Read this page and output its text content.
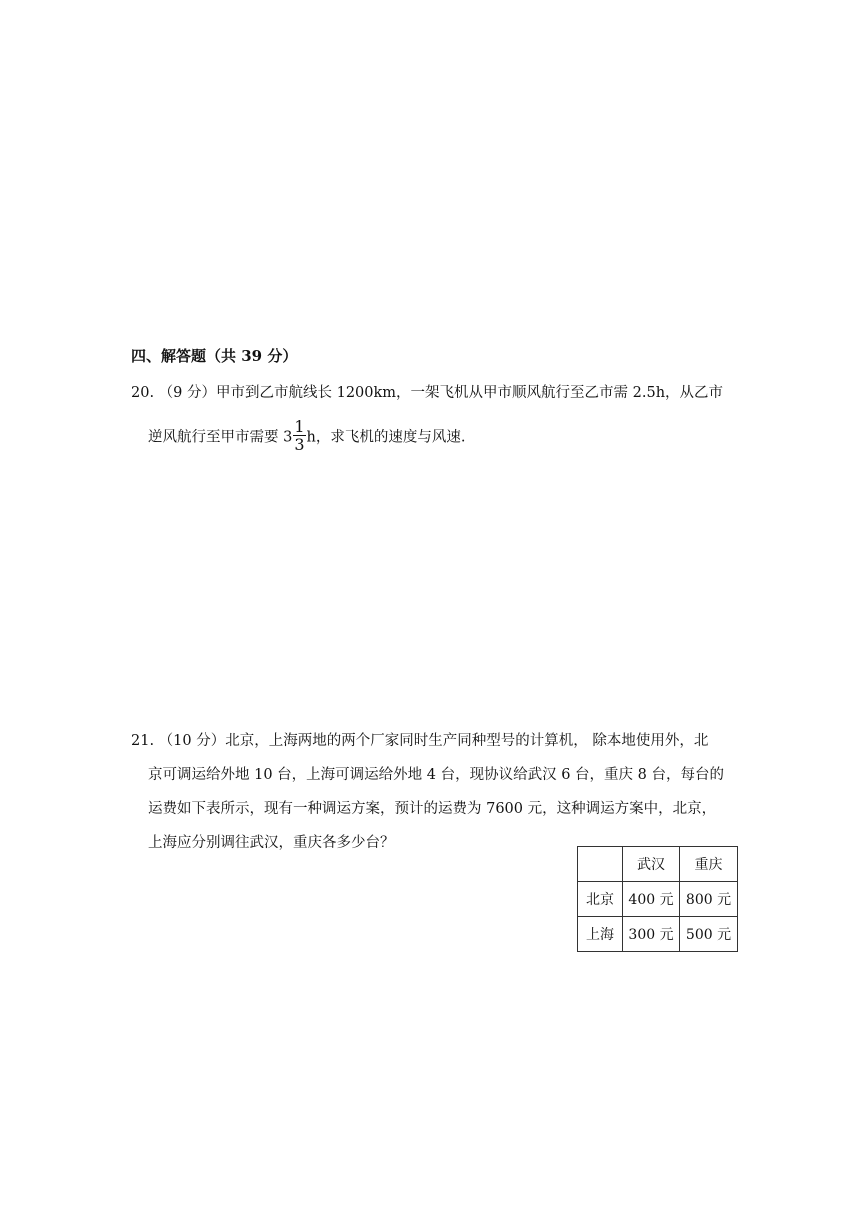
四、解答题（共 39 分）
20. （9 分）甲市到乙市航线长 1200km，一架飞机从甲市顺风航行至乙市需 2.5h，从乙市
逆风航行至甲市需要 $3 \frac{1}{3}$ h，求飞机的速度与风速.
21. （10 分）北京，上海两地的两个厂家同时生产同种型号的计算机， 除本地使用外，北
京可调运给外地 10 台，上海可调运给外地 4 台，现协议给武汉 6 台，重庆 8 台，每台的
运费如下表所示，现有一种调运方案，预计的运费为 7600 元，这种调运方案中，北京，
上海应分别调往武汉，重庆各多少台？
	武汉	重庆
北京	400 元	800 元
上海	300 元	500 元
